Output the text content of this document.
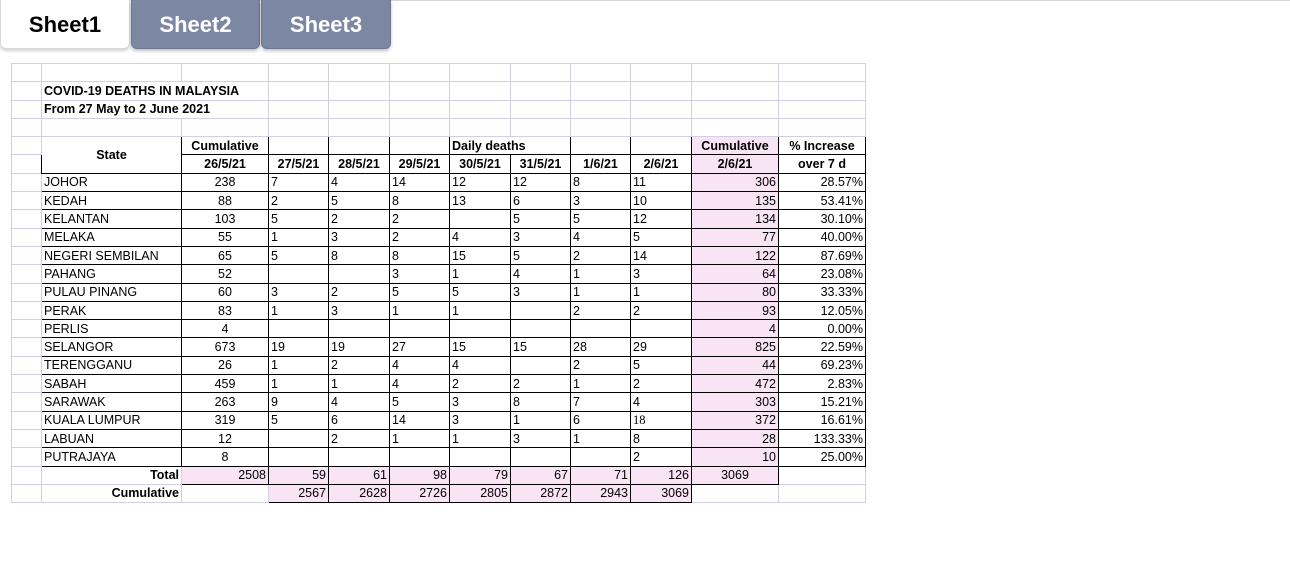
Sheet1	Sheet2	Sheet3

	COVID-19 DEATHS IN MALAYSIA										
	From 27 May to 2 June 2021										

	State	Cumulative				Daily deaths				Cumulative	% Increase
		26/5/21	27/5/21	28/5/21	29/5/21	30/5/21	31/5/21	1/6/21	2/6/21	2/6/21	over 7 d
	JOHOR	238	7	4	14	12	12	8	11	306	28.57%
	KEDAH	88	2	5	8	13	6	3	10	135	53.41%
	KELANTAN	103	5	2	2		5	5	12	134	30.10%
	MELAKA	55	1	3	2	4	3	4	5	77	40.00%
	NEGERI SEMBILAN	65	5	8	8	15	5	2	14	122	87.69%
	PAHANG	52			3	1	4	1	3	64	23.08%
	PULAU PINANG	60	3	2	5	5	3	1	1	80	33.33%
	PERAK	83	1	3	1	1		2	2	93	12.05%
	PERLIS	4								4	0.00%
	SELANGOR	673	19	19	27	15	15	28	29	825	22.59%
	TERENGGANU	26	1	2	4	4		2	5	44	69.23%
	SABAH	459	1	1	4	2	2	1	2	472	2.83%
	SARAWAK	263	9	4	5	3	8	7	4	303	15.21%
	KUALA LUMPUR	319	5	6	14	3	1	6	18	372	16.61%
	LABUAN	12		2	1	1	3	1	8	28	133.33%
	PUTRAJAYA	8							2	10	25.00%
	Total	2508	59	61	98	79	67	71	126	3069	
	Cumulative		2567	2628	2726	2805	2872	2943	3069		
